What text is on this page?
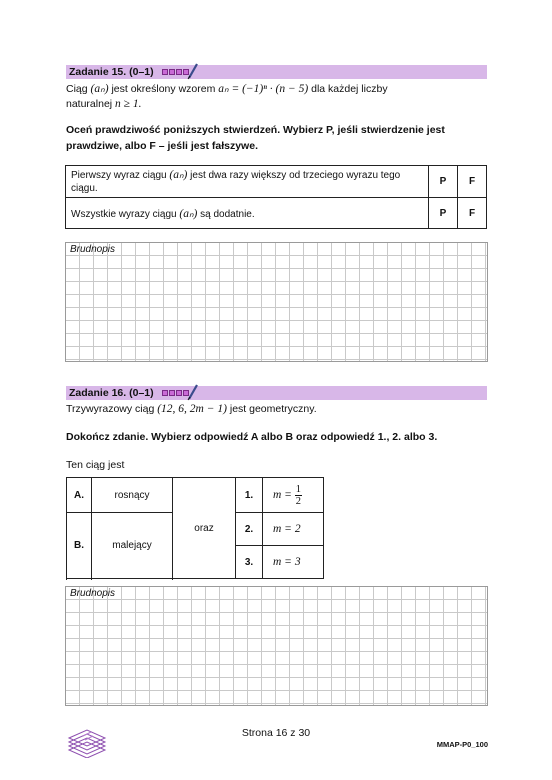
Zadanie 15. (0–1)
Ciąg (aₙ) jest określony wzorem aₙ = (−1)ⁿ · (n − 5) dla każdej liczby
naturalnej n ≥ 1.
Oceń prawdziwość poniższych stwierdzeń. Wybierz P, jeśli stwierdzenie jest
prawdziwe, albo F – jeśli jest fałszywe.
Pierwszy wyraz ciągu (aₙ) jest dwa razy większy od trzeciego wyrazu tego
ciągu.	P	F
Wszystkie wyrazy ciągu (aₙ) są dodatnie.	P	F
Brudnopis
Zadanie 16. (0–1)
Trzywyrazowy ciąg (12, 6, 2m − 1) jest geometryczny.
Dokończ zdanie. Wybierz odpowiedź A albo B oraz odpowiedź 1., 2. albo 3.
Ten ciąg jest
A.	rosnący	oraz	1.	$m = \frac{1}{2}$

B.	malejący		2.	m = 2
			3.	m = 3

Brudnopis
Strona 16 z 30
MMAP-P0_100
